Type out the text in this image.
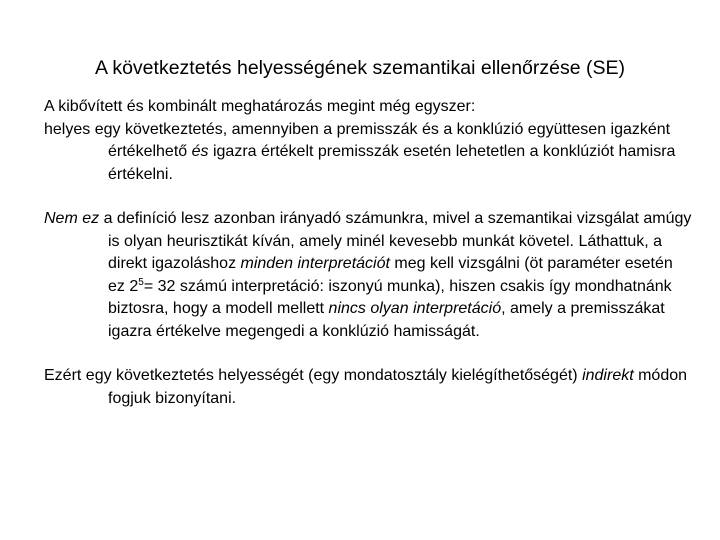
A következtetés helyességének szemantikai ellenőrzése (SE)

A kibővített és kombinált meghatározás megint még egyszer:

helyes egy következtetés, amennyiben a premisszák és a konklúzió együttesen igazként értékelhető és igazra értékelt premisszák esetén lehetetlen a konklúziót hamisra értékelni.

Nem ez a definíció lesz azonban irányadó számunkra, mivel a szemantikai vizsgálat amúgy is olyan heurisztikát kíván, amely minél kevesebb munkát követel. Láthattuk, a direkt igazoláshoz minden interpretációt meg kell vizsgálni (öt paraméter esetén ez $2^5= 32$ számú interpretáció: iszonyú munka), hiszen csakis így mondhatnánk biztosra, hogy a modell mellett nincs olyan interpretáció, amely a premisszákat igazra értékelve megengedi a konklúzió hamisságát.

Ezért egy következtetés helyességét (egy mondatosztály kielégíthetőségét) indirekt módon fogjuk bizonyítani.
